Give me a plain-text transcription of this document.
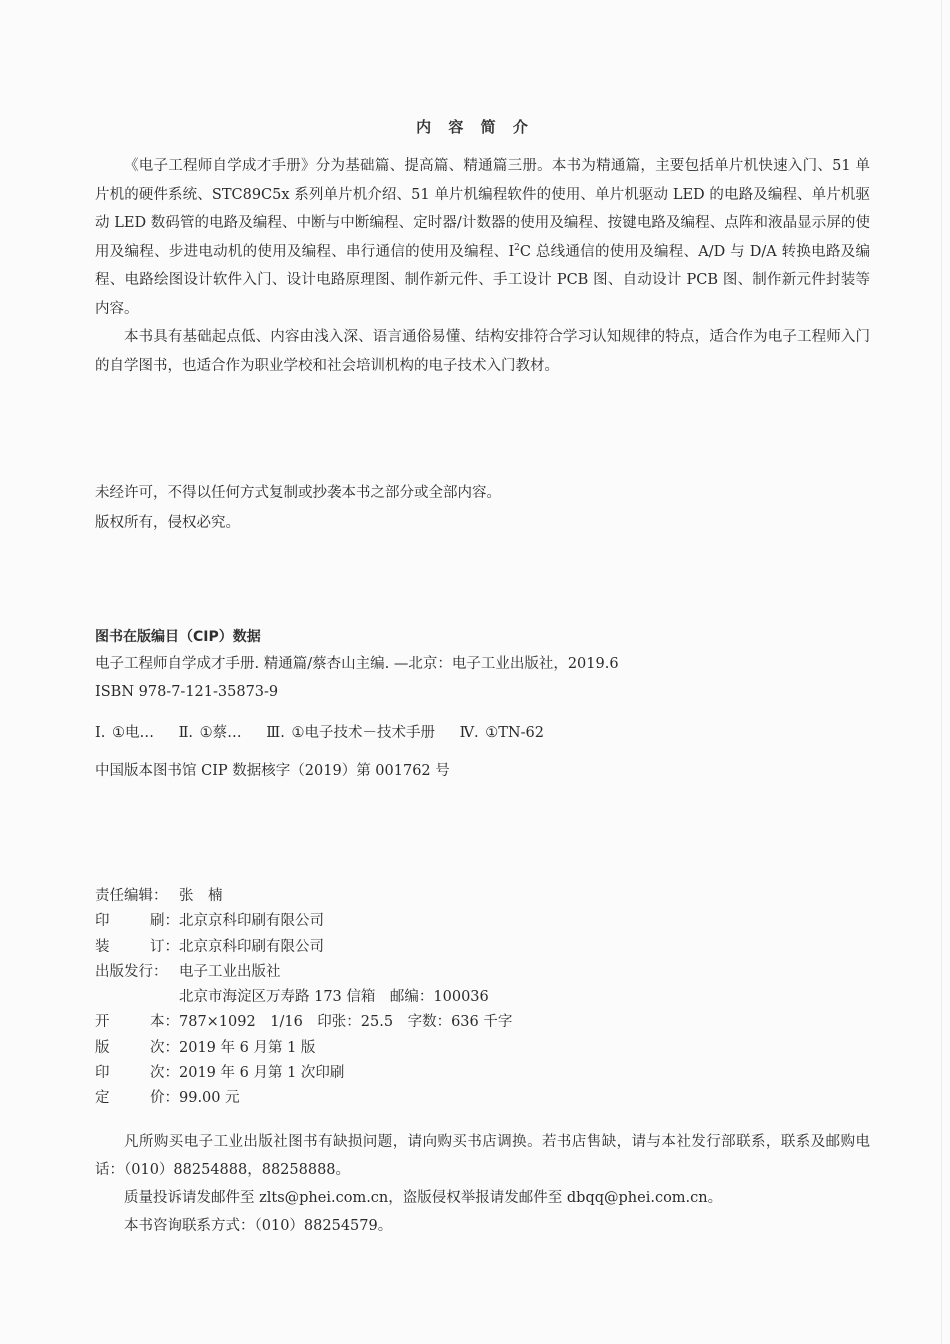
内 容 简 介

《电子工程师自学成才手册》分为基础篇、提高篇、精通篇三册。本书为精通篇，主要包括单片机快速入门、51 单片机的硬件系统、STC89C5x 系列单片机介绍、51 单片机编程软件的使用、单片机驱动 LED 的电路及编程、单片机驱动 LED 数码管的电路及编程、中断与中断编程、定时器/计数器的使用及编程、按键电路及编程、点阵和液晶显示屏的使用及编程、步进电动机的使用及编程、串行通信的使用及编程、$I^2C$ 总线通信的使用及编程、A/D 与 D/A 转换电路及编程、电路绘图设计软件入门、设计电路原理图、制作新元件、手工设计 PCB 图、自动设计 PCB 图、制作新元件封装等内容。

本书具有基础起点低、内容由浅入深、语言通俗易懂、结构安排符合学习认知规律的特点，适合作为电子工程师入门的自学图书，也适合作为职业学校和社会培训机构的电子技术入门教材。

未经许可，不得以任何方式复制或抄袭本书之部分或全部内容。
版权所有，侵权必究。
图书在版编目（CIP）数据
电子工程师自学成才手册. 精通篇/蔡杏山主编. —北京：电子工业出版社，2019.6
ISBN 978-7-121-35873-9
Ⅰ. ①电… Ⅱ. ①蔡… Ⅲ. ①电子技术－技术手册 Ⅳ. ①TN-62
中国版本图书馆 CIP 数据核字（2019）第 001762 号
责任编辑： 张　楠
印	刷： 北京京科印刷有限公司
装	订： 北京京科印刷有限公司
出版发行： 电子工业出版社
北京市海淀区万寿路 173 信箱　邮编：100036
开	本： 787×1092　1/16　印张：25.5　字数：636 千字
版	次： 2019 年 6 月第 1 版
印	次： 2019 年 6 月第 1 次印刷
定	价： 99.00 元

凡所购买电子工业出版社图书有缺损问题，请向购买书店调换。若书店售缺，请与本社发行部联系，联系及邮购电话：（010）88254888，88258888。

质量投诉请发邮件至 zlts@phei.com.cn，盗版侵权举报请发邮件至 dbqq@phei.com.cn。

本书咨询联系方式：（010）88254579。
